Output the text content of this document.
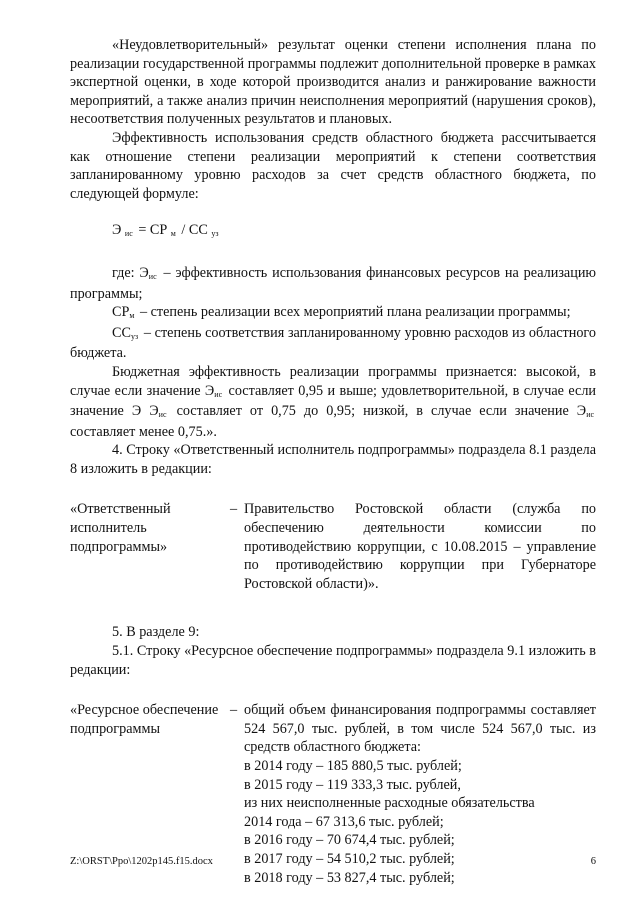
«Неудовлетворительный» результат оценки степени исполнения плана по реализации государственной программы подлежит дополнительной проверке в рамках экспертной оценки, в ходе которой производится анализ и ранжирование важности мероприятий, а также анализ причин неисполнения мероприятий (нарушения сроков), несоответствия полученных результатов и плановых.

Эффективность использования средств областного бюджета рассчитывается как отношение степени реализации мероприятий к степени соответствия запланированному уровню расходов за счет средств областного бюджета, по следующей формуле:

Э ис = СР м / СС уз

где: Эис – эффективность использования финансовых ресурсов на реализацию программы;

СРм – степень реализации всех мероприятий плана реализации программы;

ССуз – степень соответствия запланированному уровню расходов из областного бюджета.

Бюджетная эффективность реализации программы признается: высокой, в случае если значение Эис составляет 0,95 и выше; удовлетворительной, в случае если значение Э Эис составляет от 0,75 до 0,95; низкой, в случае если значение Эис составляет менее 0,75.».

4. Строку «Ответственный исполнитель подпрограммы» подраздела 8.1 раздела 8 изложить в редакции:

«Ответственный исполнитель подпрограммы»
– Правительство Ростовской области (служба по обеспечению деятельности комиссии по противодействию коррупции, с 10.08.2015 – управление по противодействию коррупции при Губернаторе Ростовской области)».

5. В разделе 9:

5.1. Строку «Ресурсное обеспечение подпрограммы» подраздела 9.1 изложить в редакции:

«Ресурсное обеспечение подпрограммы
– общий объем финансирования подпрограммы составляет 524 567,0 тыс. рублей, в том числе 524 567,0 тыс. из средств областного бюджета:

в 2014 году – 185 880,5 тыс. рублей;
в 2015 году – 119 333,3 тыс. рублей,
из них неисполненные расходные обязательства
2014 года – 67 313,6 тыс. рублей;
в 2016 году – 70 674,4 тыс. рублей;
в 2017 году – 54 510,2 тыс. рублей;
в 2018 году – 53 827,4 тыс. рублей;
Z:\ORST\Ppo\1202p145.f15.docx	6
